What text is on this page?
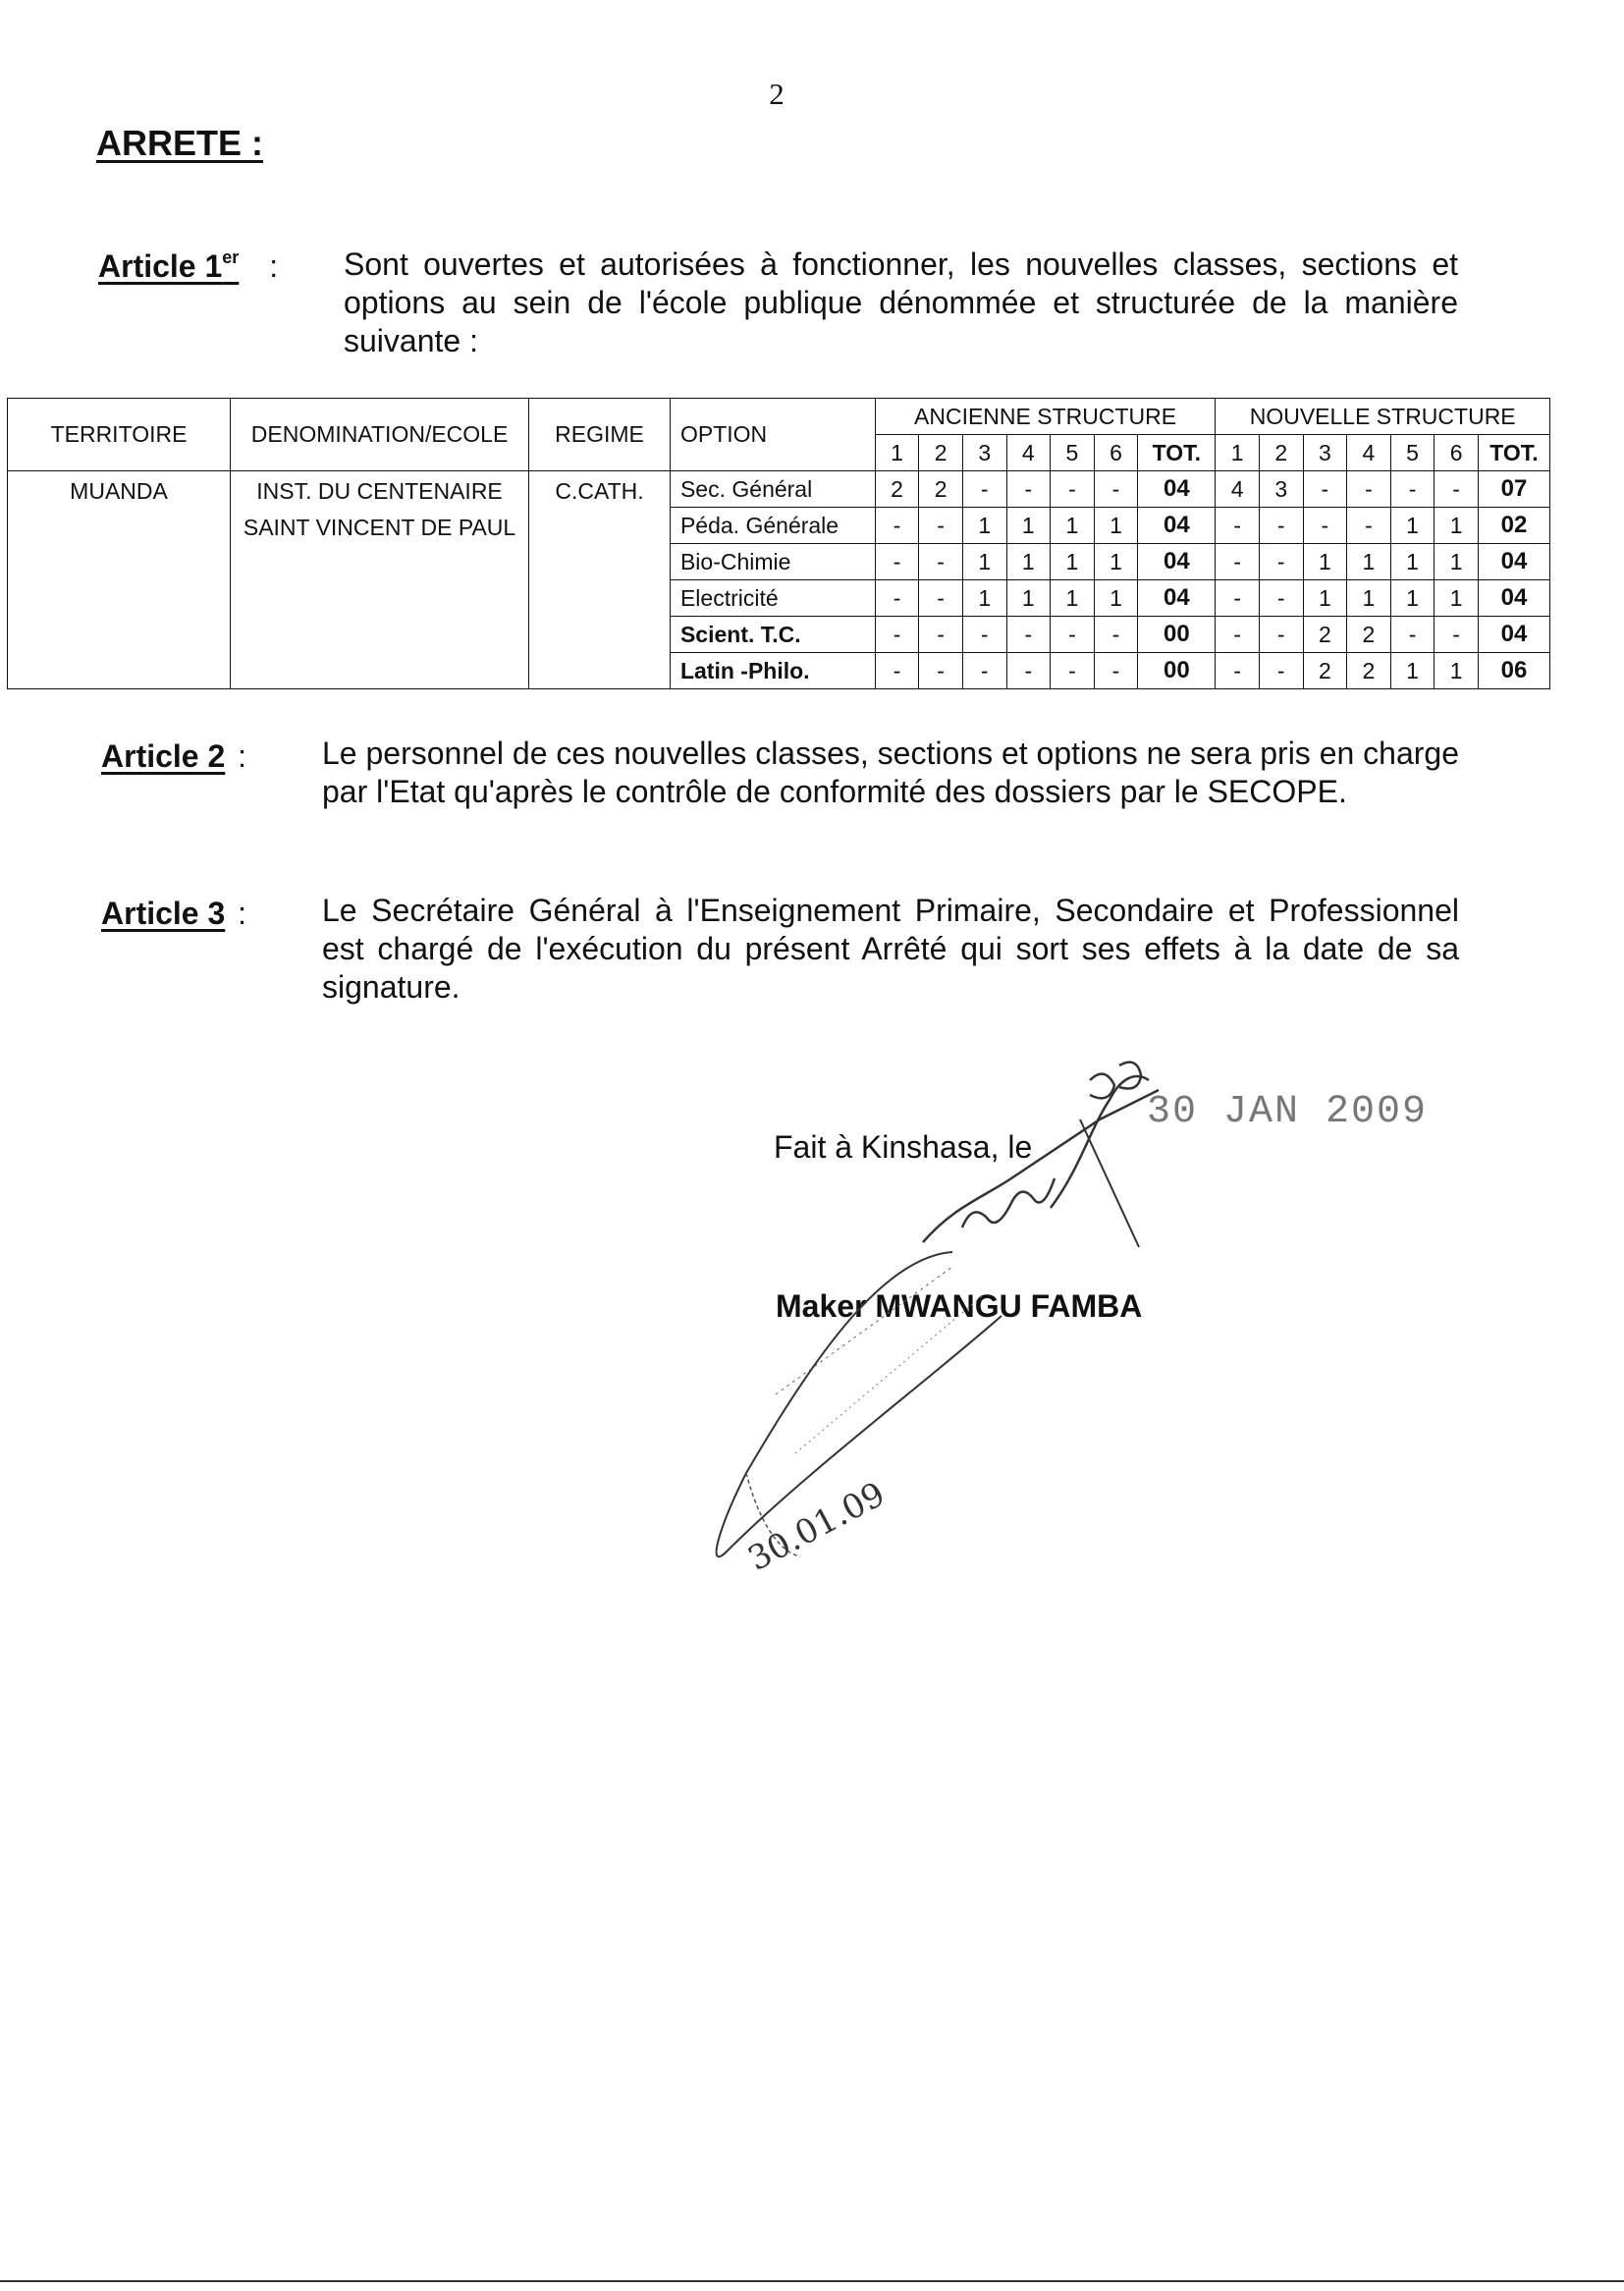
2
ARRETE :
Article 1er : Sont ouvertes et autorisées à fonctionner, les nouvelles classes, sections et options au sein de l'école publique dénommée et structurée de la manière suivante :
TERRITOIRE	DENOMINATION/ECOLE	REGIME	OPTION	ANCIENNE STRUCTURE							NOUVELLE STRUCTURE						
				1	2	3	4	5	6	TOT.	1	2	3	4	5	6	TOT.
MUANDA	INST. DU CENTENAIRE SAINT VINCENT DE PAUL	C.CATH.	Sec. Général	2	2	-	-	-	-	04	4	3	-	-	-	-	07
			Péda. Générale	-	-	1	1	1	1	04	-	-	-	-	1	1	02
			Bio-Chimie	-	-	1	1	1	1	04	-	-	1	1	1	1	04
			Electricité	-	-	1	1	1	1	04	-	-	1	1	1	1	04
			Scient. T.C.	-	-	-	-	-	-	00	-	-	2	2	-	-	04
			Latin -Philo.	-	-	-	-	-	-	00	-	-	2	2	1	1	06
Article 2 : Le personnel de ces nouvelles classes, sections et options ne sera pris en charge par l'Etat qu'après le contrôle de conformité des dossiers par le SECOPE.
Article 3 : Le Secrétaire Général à l'Enseignement Primaire, Secondaire et Professionnel est chargé de l'exécution du présent Arrêté qui sort ses effets à la date de sa signature.
Fait à Kinshasa, le
30 JAN 2009
Maker MWANGU FAMBA
30.01.09
